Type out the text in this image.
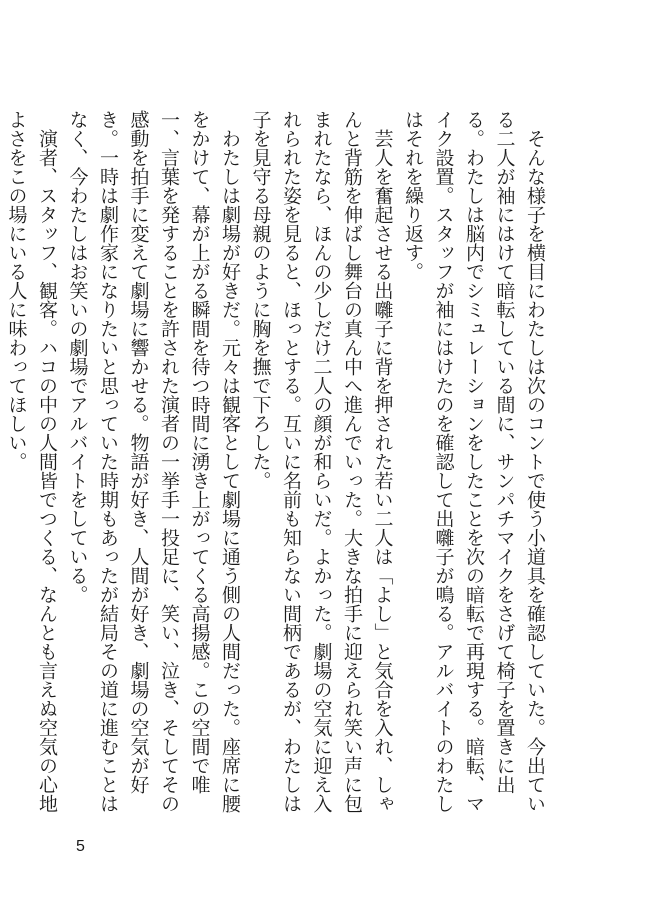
そんな様子を横目にわたしは次のコントで使う小道具を確認していた。今出ている二人が袖にはけて暗転している間に、サンパチマイクをさげて椅子を置きに出る。わたしは脳内でシミュレーションをしたことを次の暗転で再現する。暗転、マイク設置。スタッフが袖にはけたのを確認して出囃子が鳴る。アルバイトのわたしはそれを繰り返す。

芸人を奮起させる出囃子に背を押された若い二人は「よし」と気合を入れ、しゃんと背筋を伸ばし舞台の真ん中へ進んでいった。大きな拍手に迎えられ笑い声に包まれたなら、ほんの少しだけ二人の顔が和らいだ。よかった。劇場の空気に迎え入れられた姿を見ると、ほっとする。互いに名前も知らない間柄であるが、わたしは子を見守る母親のように胸を撫で下ろした。

わたしは劇場が好きだ。元々は観客として劇場に通う側の人間だった。座席に腰をかけて、幕が上がる瞬間を待つ時間に湧き上がってくる高揚感。この空間で唯一、言葉を発することを許された演者の一挙手一投足に、笑い、泣き、そしてその感動を拍手に変えて劇場に響かせる。物語が好き、人間が好き、劇場の空気が好き。一時は劇作家になりたいと思っていた時期もあったが結局その道に進むことはなく、今わたしはお笑いの劇場でアルバイトをしている。

演者、スタッフ、観客。ハコの中の人間皆でつくる、なんとも言えぬ空気の心地よさをこの場にいる人に味わってほしい。

5
